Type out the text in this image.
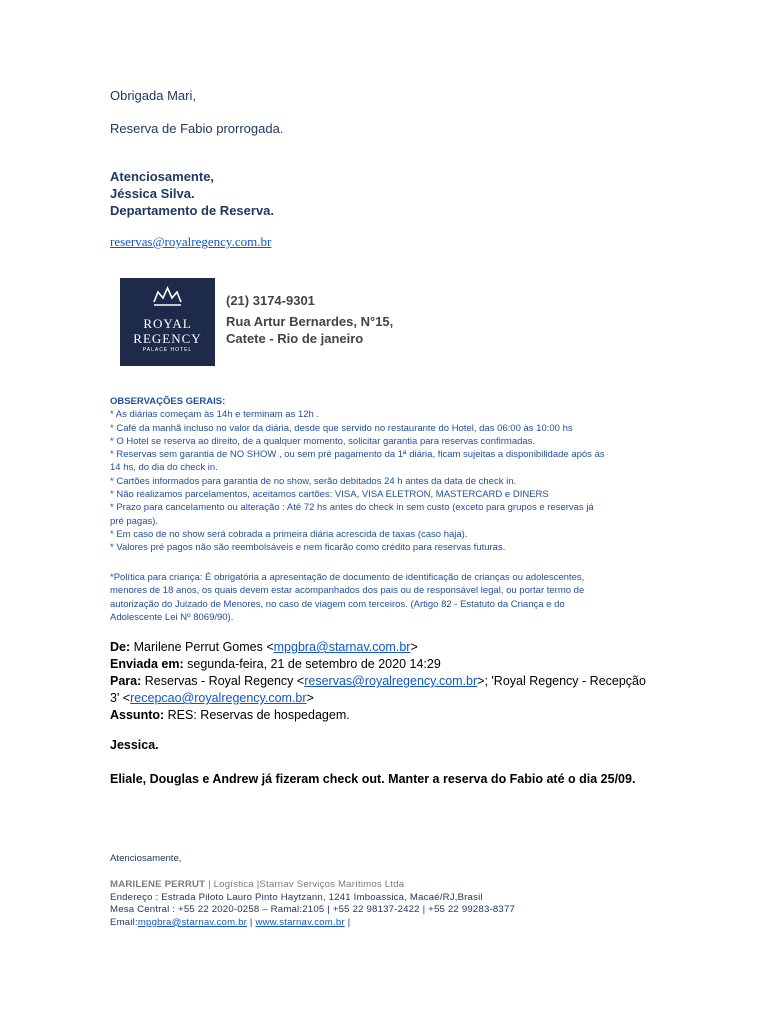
Obrigada Mari,
Reserva de Fabio prorrogada.
Atenciosamente,
Jéssica Silva.
Departamento de Reserva.
reservas@royalregency.com.br
ROYAL
REGENCY
PALACE HOTEL
(21) 3174-9301
Rua Artur Bernardes, N°15,
Catete - Rio de janeiro
OBSERVAÇÕES GERAIS:
* As diárias começam às 14h e terminam as 12h .
* Café da manhã incluso no valor da diária, desde que servido no restaurante do Hotel, das 06:00 às 10:00 hs
* O Hotel se reserva ao direito, de a qualquer momento, solicitar garantia para reservas confirmadas.
* Reservas sem garantia de NO SHOW , ou sem pré pagamento da 1ª diária, ficam sujeitas a disponibilidade após às
14 hs, do dia do check in.
* Cartões informados para garantia de no show, serão debitados 24 h antes da data de check in.
* Não realizamos parcelamentos, aceitamos cartões: VISA, VISA ELETRON, MASTERCARD e DINERS
* Prazo para cancelamento ou alteração : Até 72 hs antes do check in sem custo (exceto para grupos e reservas já
pré pagas).
* Em caso de no show será cobrada a primeira diária acrescida de taxas (caso haja).
* Valores pré pagos não são reembolsáveis e nem ficarão como crédito para reservas futuras.
*Política para criança: É obrigatória a apresentação de documento de identificação de crianças ou adolescentes,
menores de 18 anos, os quais devem estar acompanhados dos pais ou de responsável legal, ou portar termo de
autorização do Juizado de Menores, no caso de viagem com terceiros. (Artigo 82 - Estatuto da Criança e do
Adolescente Lei Nº 8069/90).
De: Marilene Perrut Gomes <mpgbra@starnav.com.br>
Enviada em: segunda-feira, 21 de setembro de 2020 14:29
Para: Reservas - Royal Regency <reservas@royalregency.com.br>; 'Royal Regency - Recepção
3' <recepcao@royalregency.com.br>
Assunto: RES: Reservas de hospedagem.
Jessica.
Eliale, Douglas e Andrew já fizeram check out. Manter a reserva do Fabio até o dia 25/09.
Atenciosamente,
MARILENE PERRUT | Logística |Starnav Serviços Marítimos Ltda
Endereço : Estrada Piloto Lauro Pinto Haytzann, 1241 Imboassica, Macaé/RJ,Brasil
Mesa Central : +55 22 2020-0258 – Ramal:2105 | +55 22 98137-2422 | +55 22 99283-8377
Email:mpgbra@starnav.com.br | www.starnav.com.br |
